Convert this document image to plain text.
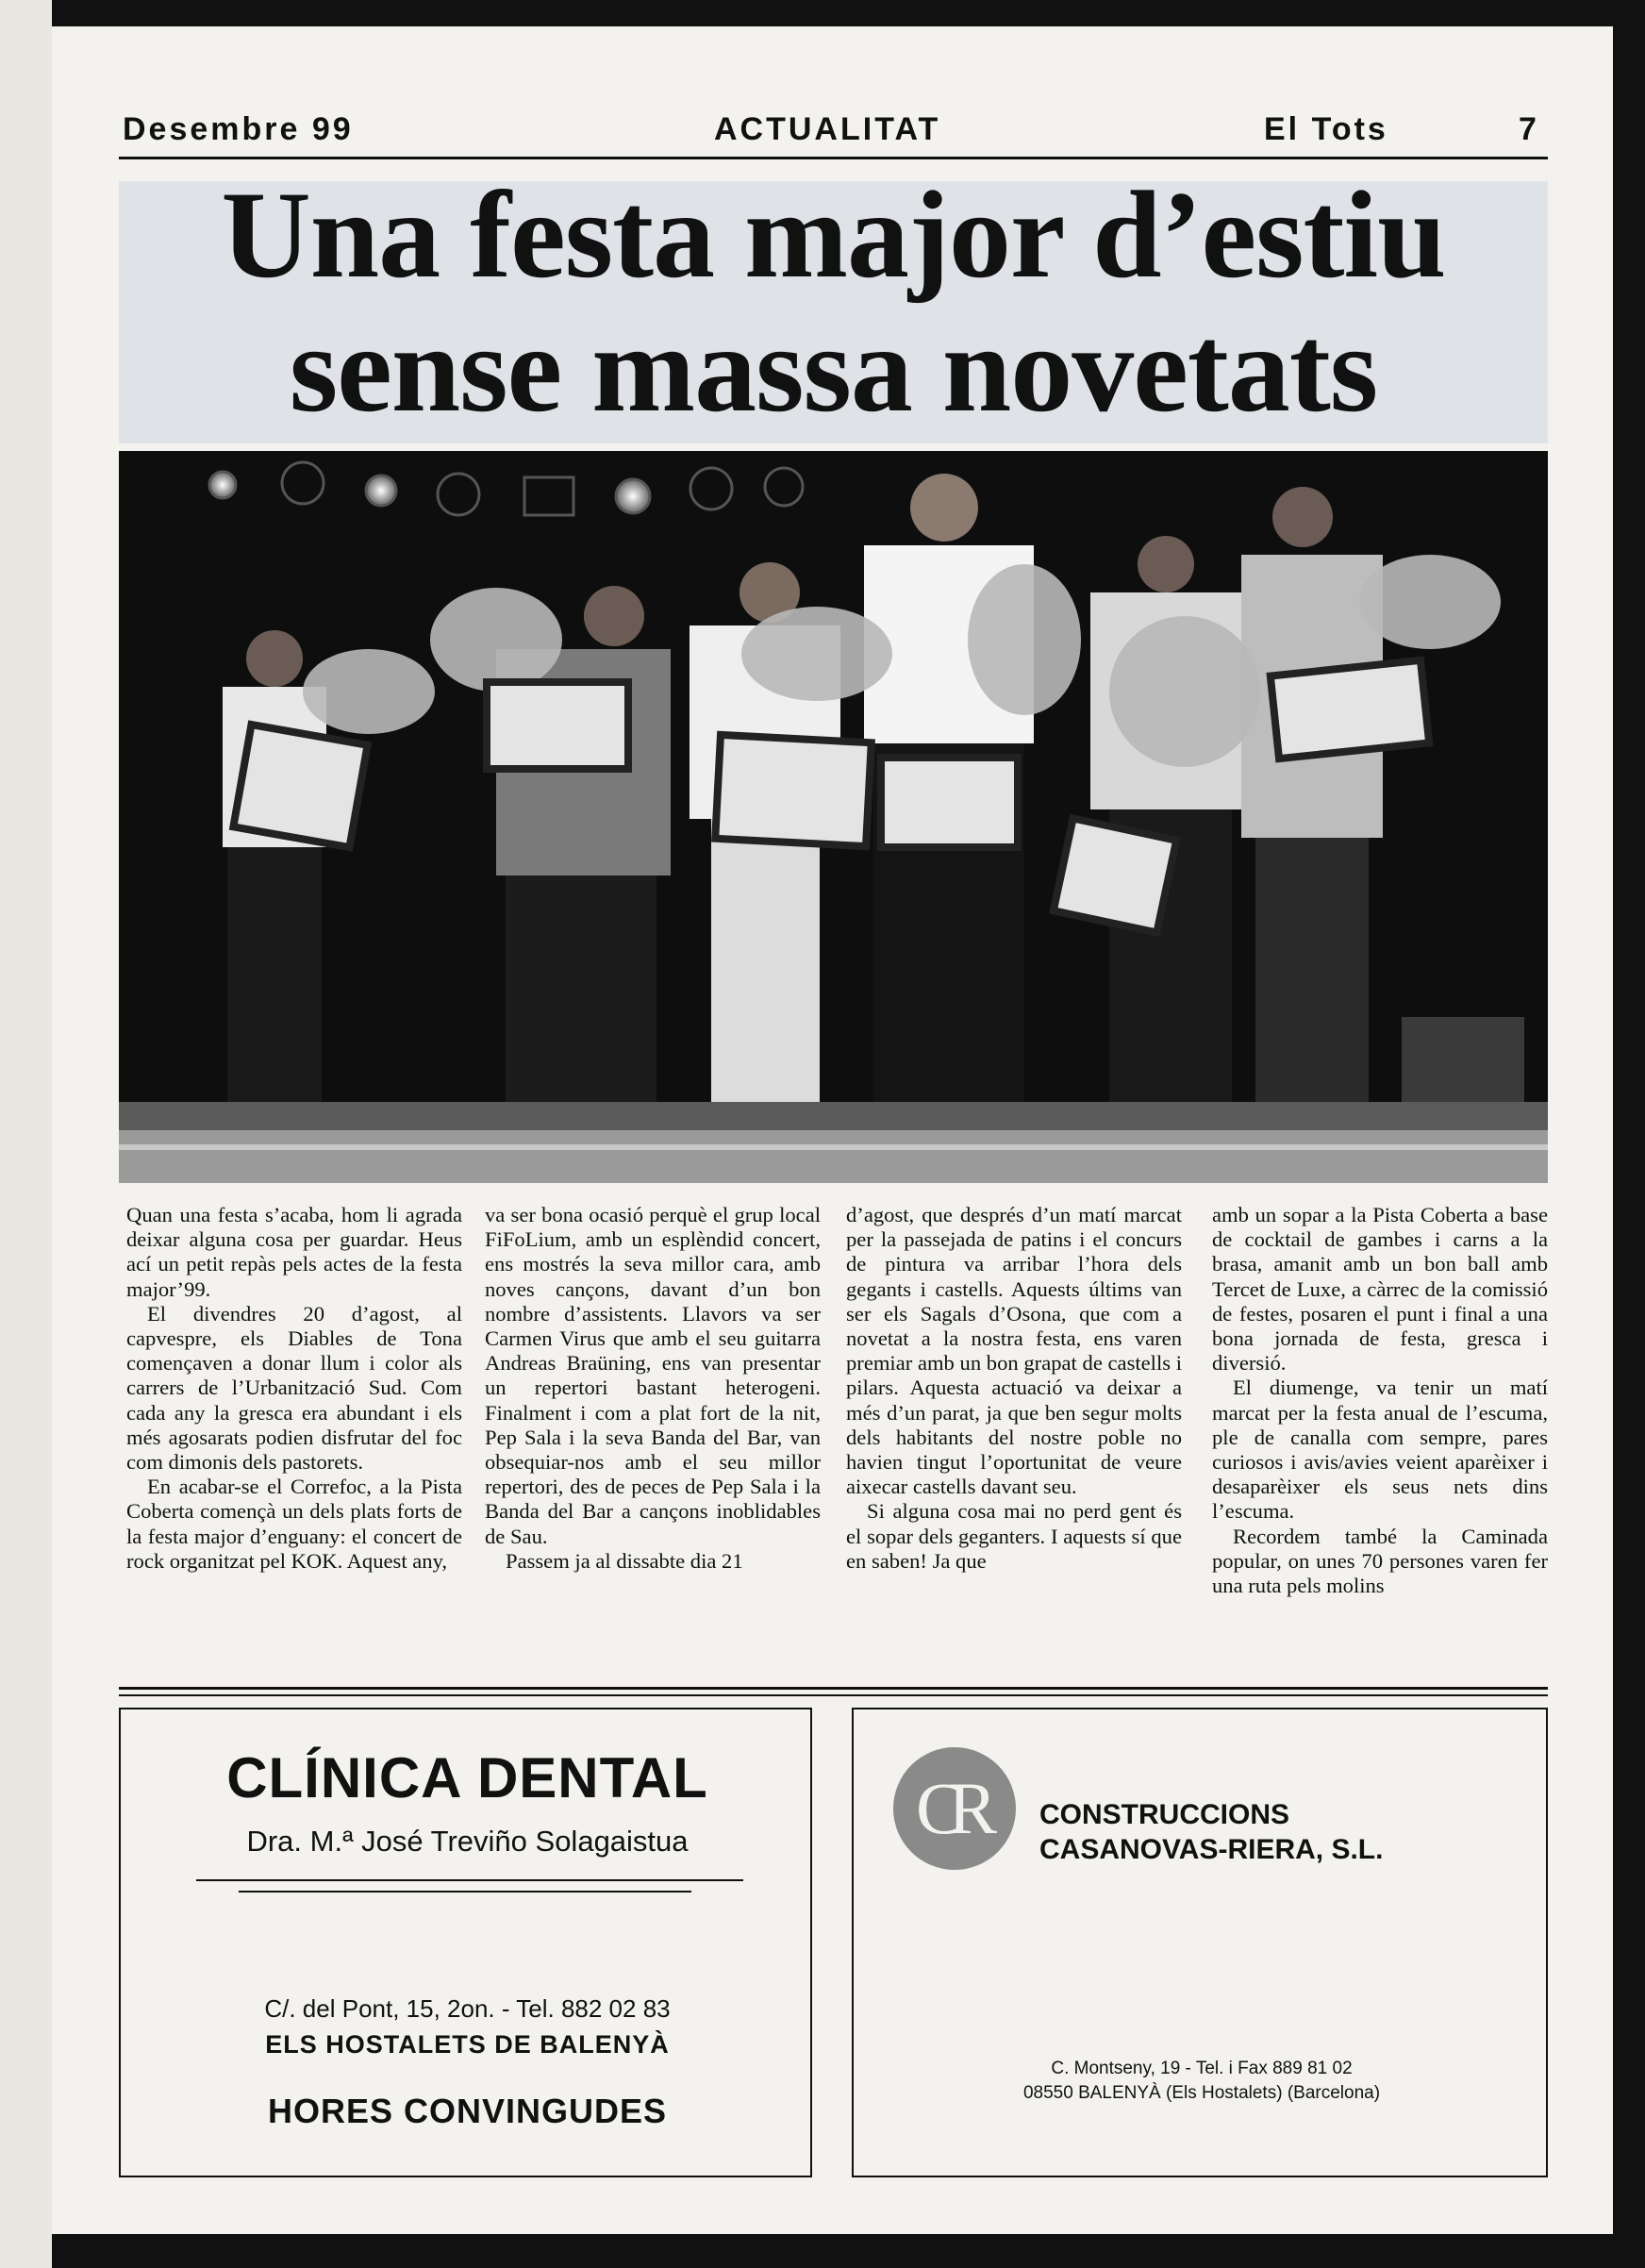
Desembre 99	ACTUALITAT	El Tots	7
Una festa major d’estiu
sense massa novetats

Quan una festa s’acaba, hom li agrada deixar alguna cosa per guardar. Heus ací un petit repàs pels actes de la festa major’99.

El divendres 20 d’agost, al capvespre, els Diables de Tona començaven a donar llum i color als carrers de l’Urbanització Sud. Com cada any la gresca era abundant i els més agosarats podien disfrutar del foc com dimonis dels pastorets.

En acabar-se el Correfoc, a la Pista Coberta començà un dels plats forts de la festa major d’enguany: el concert de rock organitzat pel KOK. Aquest any,

va ser bona ocasió perquè el grup local FiFoLium, amb un esplèndid concert, ens mostrés la seva millor cara, amb noves cançons, davant d’un bon nombre d’assistents. Llavors va ser Carmen Virus que amb el seu guitarra Andreas Braüning, ens van presentar un repertori bastant heterogeni. Finalment i com a plat fort de la nit, Pep Sala i la seva Banda del Bar, van obsequiar-nos amb el seu millor repertori, des de peces de Pep Sala i la Banda del Bar a cançons inoblidables de Sau.

Passem ja al dissabte dia 21

d’agost, que després d’un matí marcat per la passejada de patins i el concurs de pintura va arribar l’hora dels gegants i castells. Aquests últims van ser els Sagals d’Osona, que com a novetat a la nostra festa, ens varen premiar amb un bon grapat de castells i pilars. Aquesta actuació va deixar a més d’un parat, ja que ben segur molts dels habitants del nostre poble no havien tingut l’oportunitat de veure aixecar castells davant seu.

Si alguna cosa mai no perd gent és el sopar dels geganters. I aquests sí que en saben! Ja que

amb un sopar a la Pista Coberta a base de cocktail de gambes i carns a la brasa, amanit amb un bon ball amb Tercet de Luxe, a càrrec de la comissió de festes, posaren el punt i final a una bona jornada de festa, gresca i diversió.

El diumenge, va tenir un matí marcat per la festa anual de l’escuma, ple de canalla com sempre, pares curiosos i avis/avies veient aparèixer i desaparèixer els seus nets dins l’escuma.

Recordem també la Caminada popular, on unes 70 persones varen fer una ruta pels molins

CLÍNICA DENTAL
Dra. M.ª José Treviño Solagaistua
C/. del Pont, 15, 2on. - Tel. 882 02 83
ELS HOSTALETS DE BALENYÀ
HORES CONVINGUDES
CR	CONSTRUCCIONS
CASANOVAS-RIERA, S.L.
C. Montseny, 19 - Tel. i Fax 889 81 02
08550 BALENYÀ (Els Hostalets) (Barcelona)
